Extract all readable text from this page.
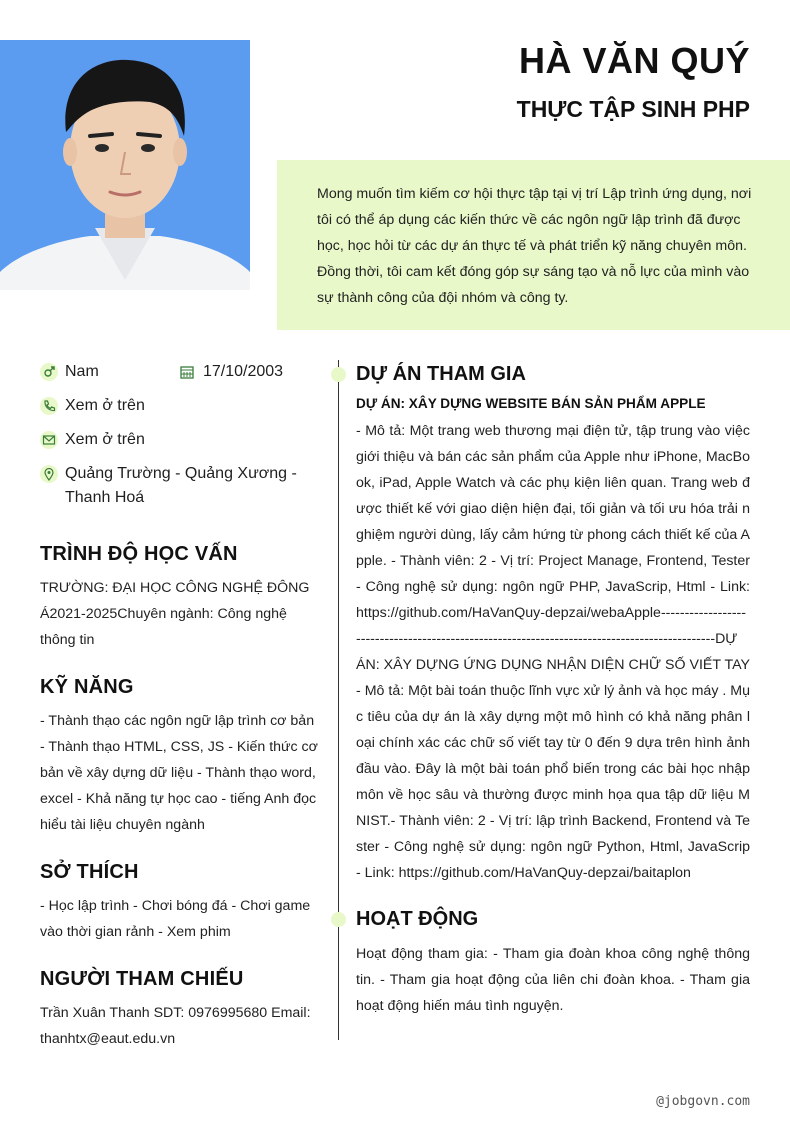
HÀ VĂN QUÝ
THỰC TẬP SINH PHP
Mong muốn tìm kiếm cơ hội thực tập tại vị trí Lập trình ứng dụng, nơi tôi có thể áp dụng các kiến thức về các ngôn ngữ lập trình đã được học, học hỏi từ các dự án thực tế và phát triển kỹ năng chuyên môn. Đồng thời, tôi cam kết đóng góp sự sáng tạo và nỗ lực của mình vào sự thành công của đội nhóm và công ty.
Nam	17/10/2003
Xem ở trên
Xem ở trên
Quảng Trường - Quảng Xương - Thanh Hoá
TRÌNH ĐỘ HỌC VẤN

TRƯỜNG: ĐẠI HỌC CÔNG NGHỆ ĐÔNG Á2021-2025Chuyên ngành: Công nghệ thông tin

KỸ NĂNG

- Thành thạo các ngôn ngữ lập trình cơ bản - Thành thạo HTML, CSS, JS - Kiến thức cơ bản về xây dựng dữ liệu - Thành thạo word, excel - Khả năng tự học cao - tiếng Anh đọc hiểu tài liệu chuyên ngành

SỞ THÍCH

- Học lập trình - Chơi bóng đá - Chơi game vào thời gian rảnh - Xem phim

NGƯỜI THAM CHIẾU

Trần Xuân Thanh SDT: 0976995680 Email: thanhtx@eaut.edu.vn

DỰ ÁN THAM GIA

DỰ ÁN: XÂY DỰNG WEBSITE BÁN SẢN PHẨM APPLE

- Mô tả: Một trang web thương mại điện tử, tập trung vào việc giới thiệu và bán các sản phẩm của Apple như iPhone, MacBook, iPad, Apple Watch và các phụ kiện liên quan. Trang web được thiết kế với giao diện hiện đại, tối giản và tối ưu hóa trải nghiệm người dùng, lấy cảm hứng từ phong cách thiết kế của Apple. - Thành viên: 2 - Vị trí: Project Manage, Frontend, Tester - Công nghệ sử dụng: ngôn ngữ PHP, JavaScrip, Html - Link: https://github.com/HaVanQuy-depzai/webaApple----------------------------------------------------------------------------------------------DỰ ÁN: XÂY DỰNG ỨNG DỤNG NHẬN DIỆN CHỮ SỐ VIẾT TAY- Mô tả: Một bài toán thuộc lĩnh vực xử lý ảnh và học máy . Mục tiêu của dự án là xây dựng một mô hình có khả năng phân loại chính xác các chữ số viết tay từ 0 đến 9 dựa trên hình ảnh đầu vào. Đây là một bài toán phổ biến trong các bài học nhập môn về học sâu và thường được minh họa qua tập dữ liệu MNIST.- Thành viên: 2 - Vị trí: lập trình Backend, Frontend và Tester - Công nghệ sử dụng: ngôn ngữ Python, Html, JavaScrip - Link: https://github.com/HaVanQuy-depzai/baitaplon

HOẠT ĐỘNG

Hoạt động tham gia: - Tham gia đoàn khoa công nghệ thông tin. - Tham gia hoạt động của liên chi đoàn khoa. - Tham gia hoạt động hiến máu tình nguyện.

@jobgovn.com
